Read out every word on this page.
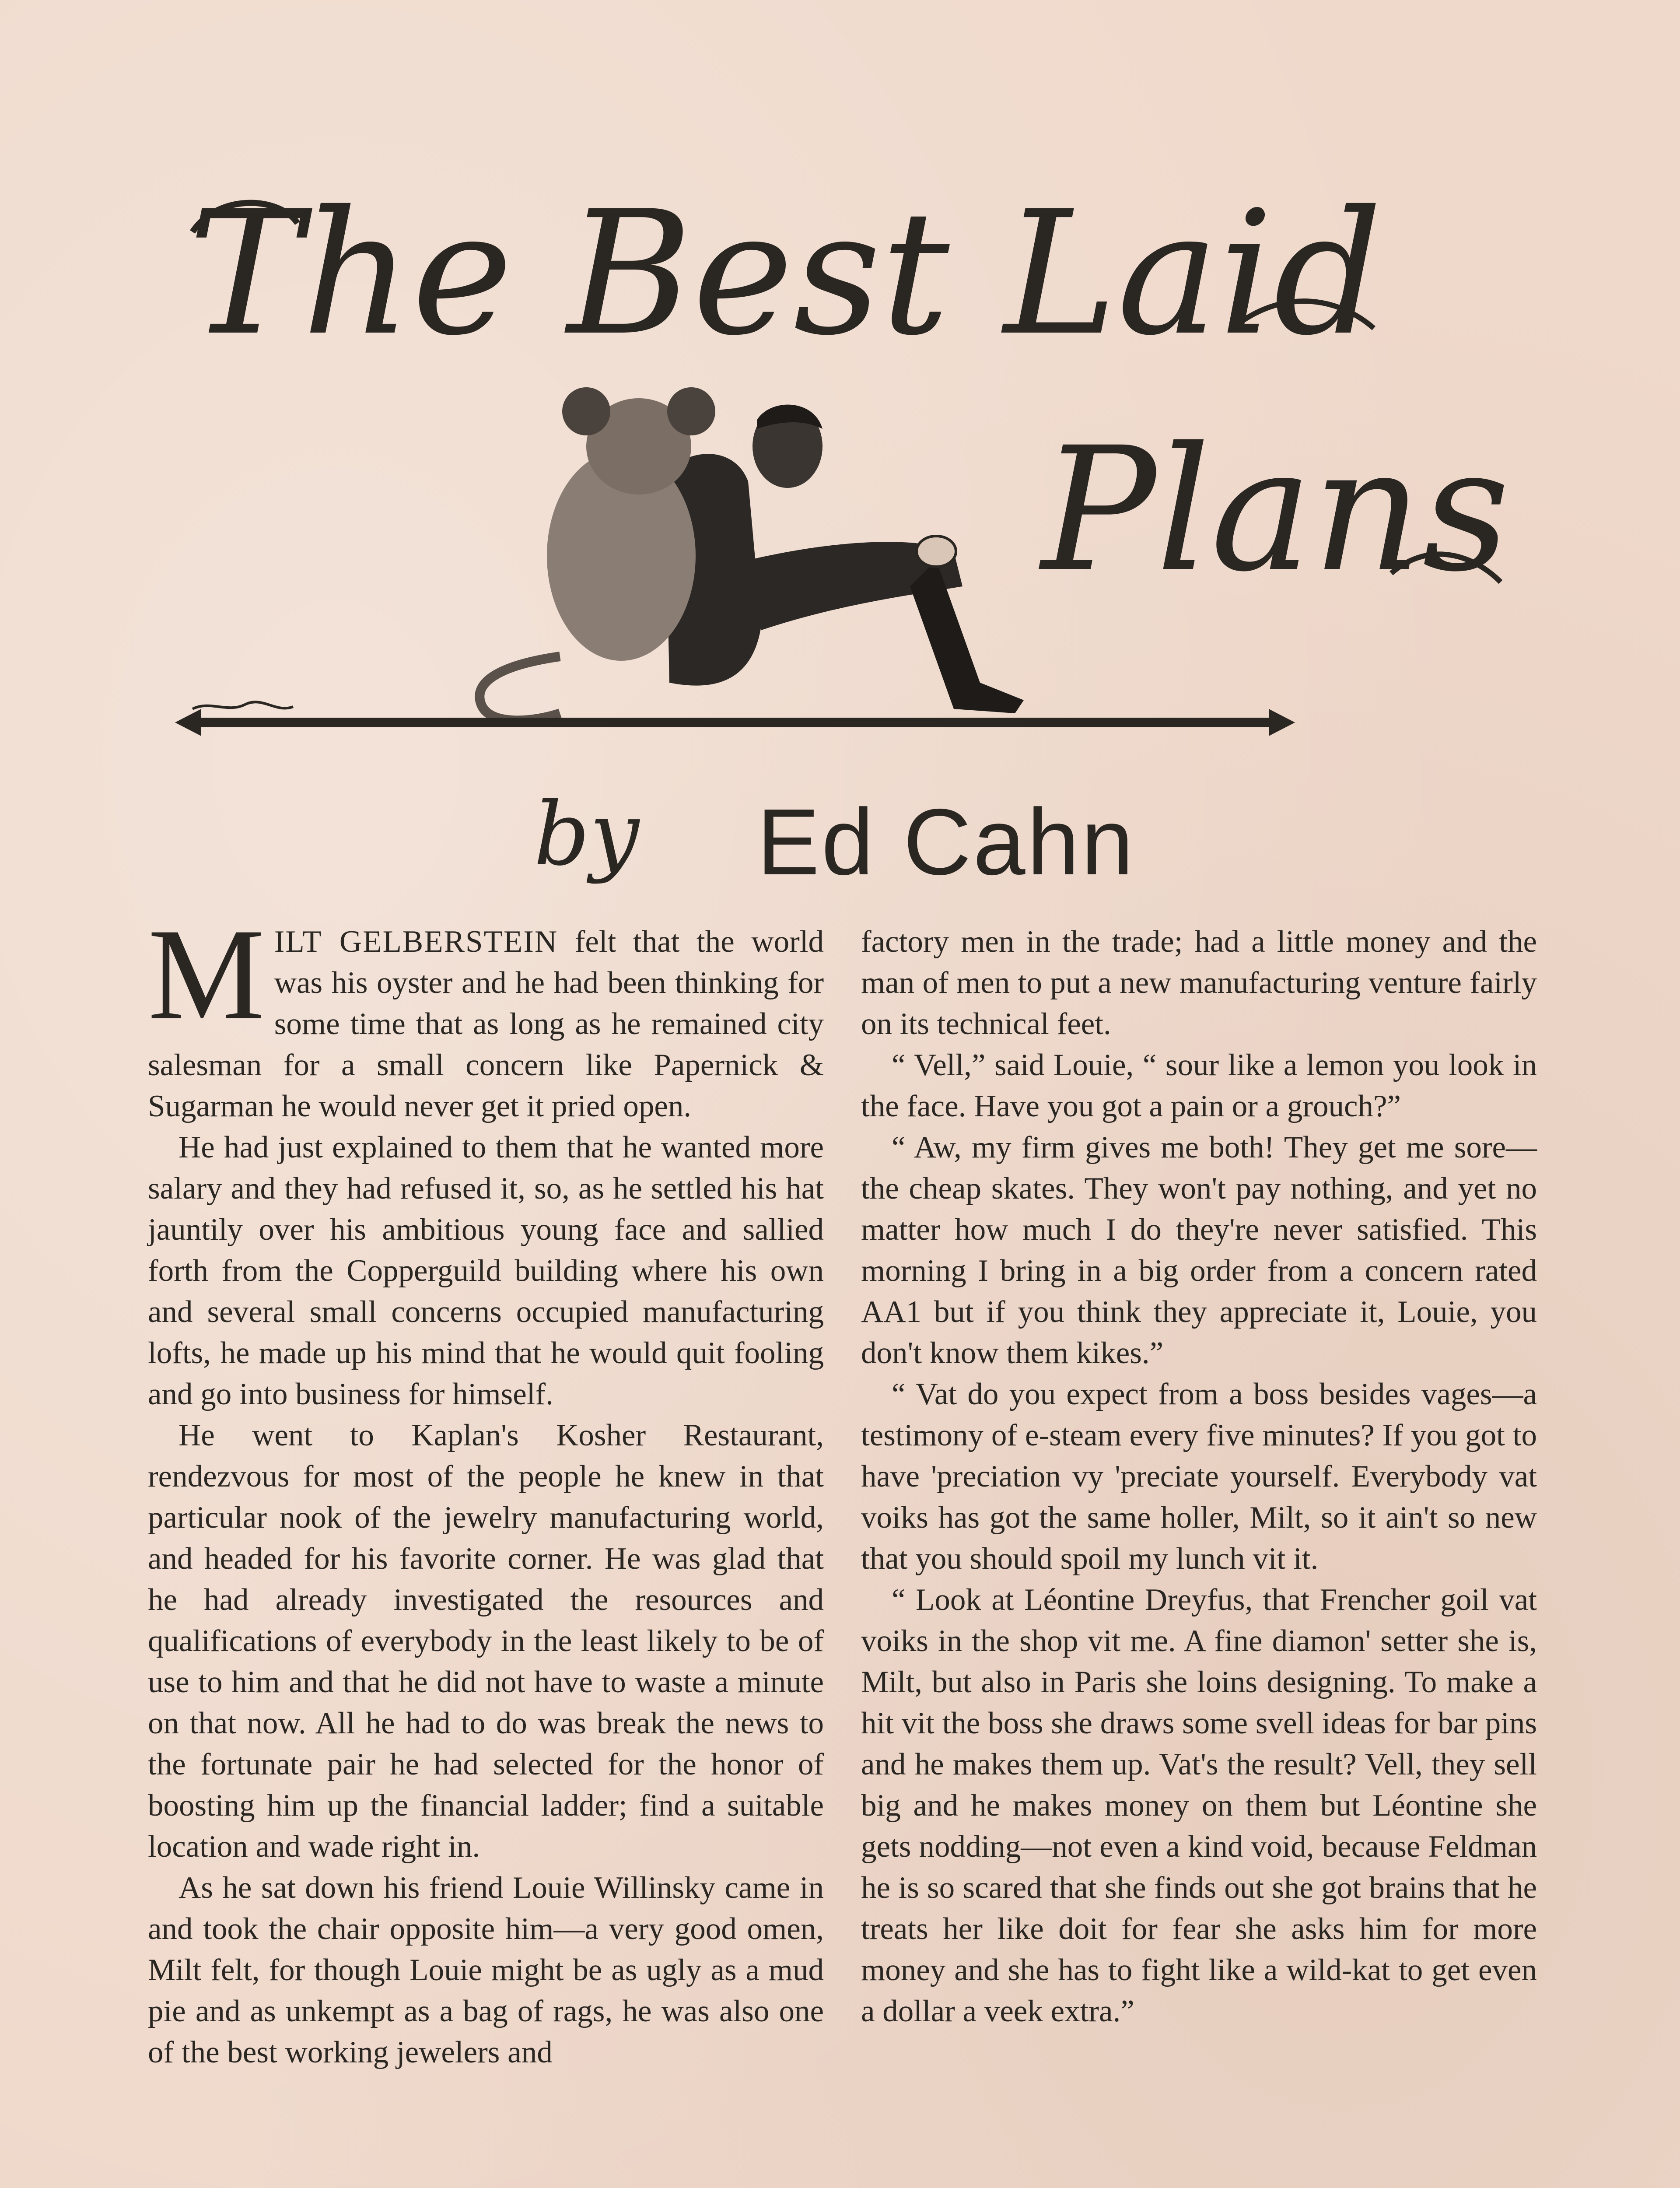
The Best Laid
Plans
by Ed Cahn

MILT GELBERSTEIN felt that the world was his oyster and he had been thinking for some time that as long as he remained city salesman for a small concern like Papernick & Sugarman he would never get it pried open.

He had just explained to them that he wanted more salary and they had refused it, so, as he settled his hat jauntily over his ambitious young face and sallied forth from the Copperguild building where his own and several small concerns occupied manufacturing lofts, he made up his mind that he would quit fooling and go into business for himself.

He went to Kaplan's Kosher Restaurant, rendezvous for most of the people he knew in that particular nook of the jewelry manufacturing world, and headed for his favorite corner. He was glad that he had already investigated the resources and qualifications of everybody in the least likely to be of use to him and that he did not have to waste a minute on that now. All he had to do was break the news to the fortunate pair he had selected for the honor of boosting him up the financial ladder; find a suitable location and wade right in.

As he sat down his friend Louie Willinsky came in and took the chair opposite him—a very good omen, Milt felt, for though Louie might be as ugly as a mud pie and as unkempt as a bag of rags, he was also one of the best working jewelers and

factory men in the trade; had a little money and the man of men to put a new manufacturing venture fairly on its technical feet.

“ Vell,” said Louie, “ sour like a lemon you look in the face. Have you got a pain or a grouch?”

“ Aw, my firm gives me both! They get me sore—the cheap skates. They won't pay nothing, and yet no matter how much I do they're never satisfied. This morning I bring in a big order from a concern rated AA1 but if you think they appreciate it, Louie, you don't know them kikes.”

“ Vat do you expect from a boss besides vages—a testimony of e-steam every five minutes? If you got to have 'preciation vy 'preciate yourself. Everybody vat voiks has got the same holler, Milt, so it ain't so new that you should spoil my lunch vit it.

“ Look at Léontine Dreyfus, that Frencher goil vat voiks in the shop vit me. A fine diamon' setter she is, Milt, but also in Paris she loins designing. To make a hit vit the boss she draws some svell ideas for bar pins and he makes them up. Vat's the result? Vell, they sell big and he makes money on them but Léontine she gets nodding—not even a kind void, because Feldman he is so scared that she finds out she got brains that he treats her like doit for fear she asks him for more money and she has to fight like a wild-kat to get even a dollar a veek extra.”
